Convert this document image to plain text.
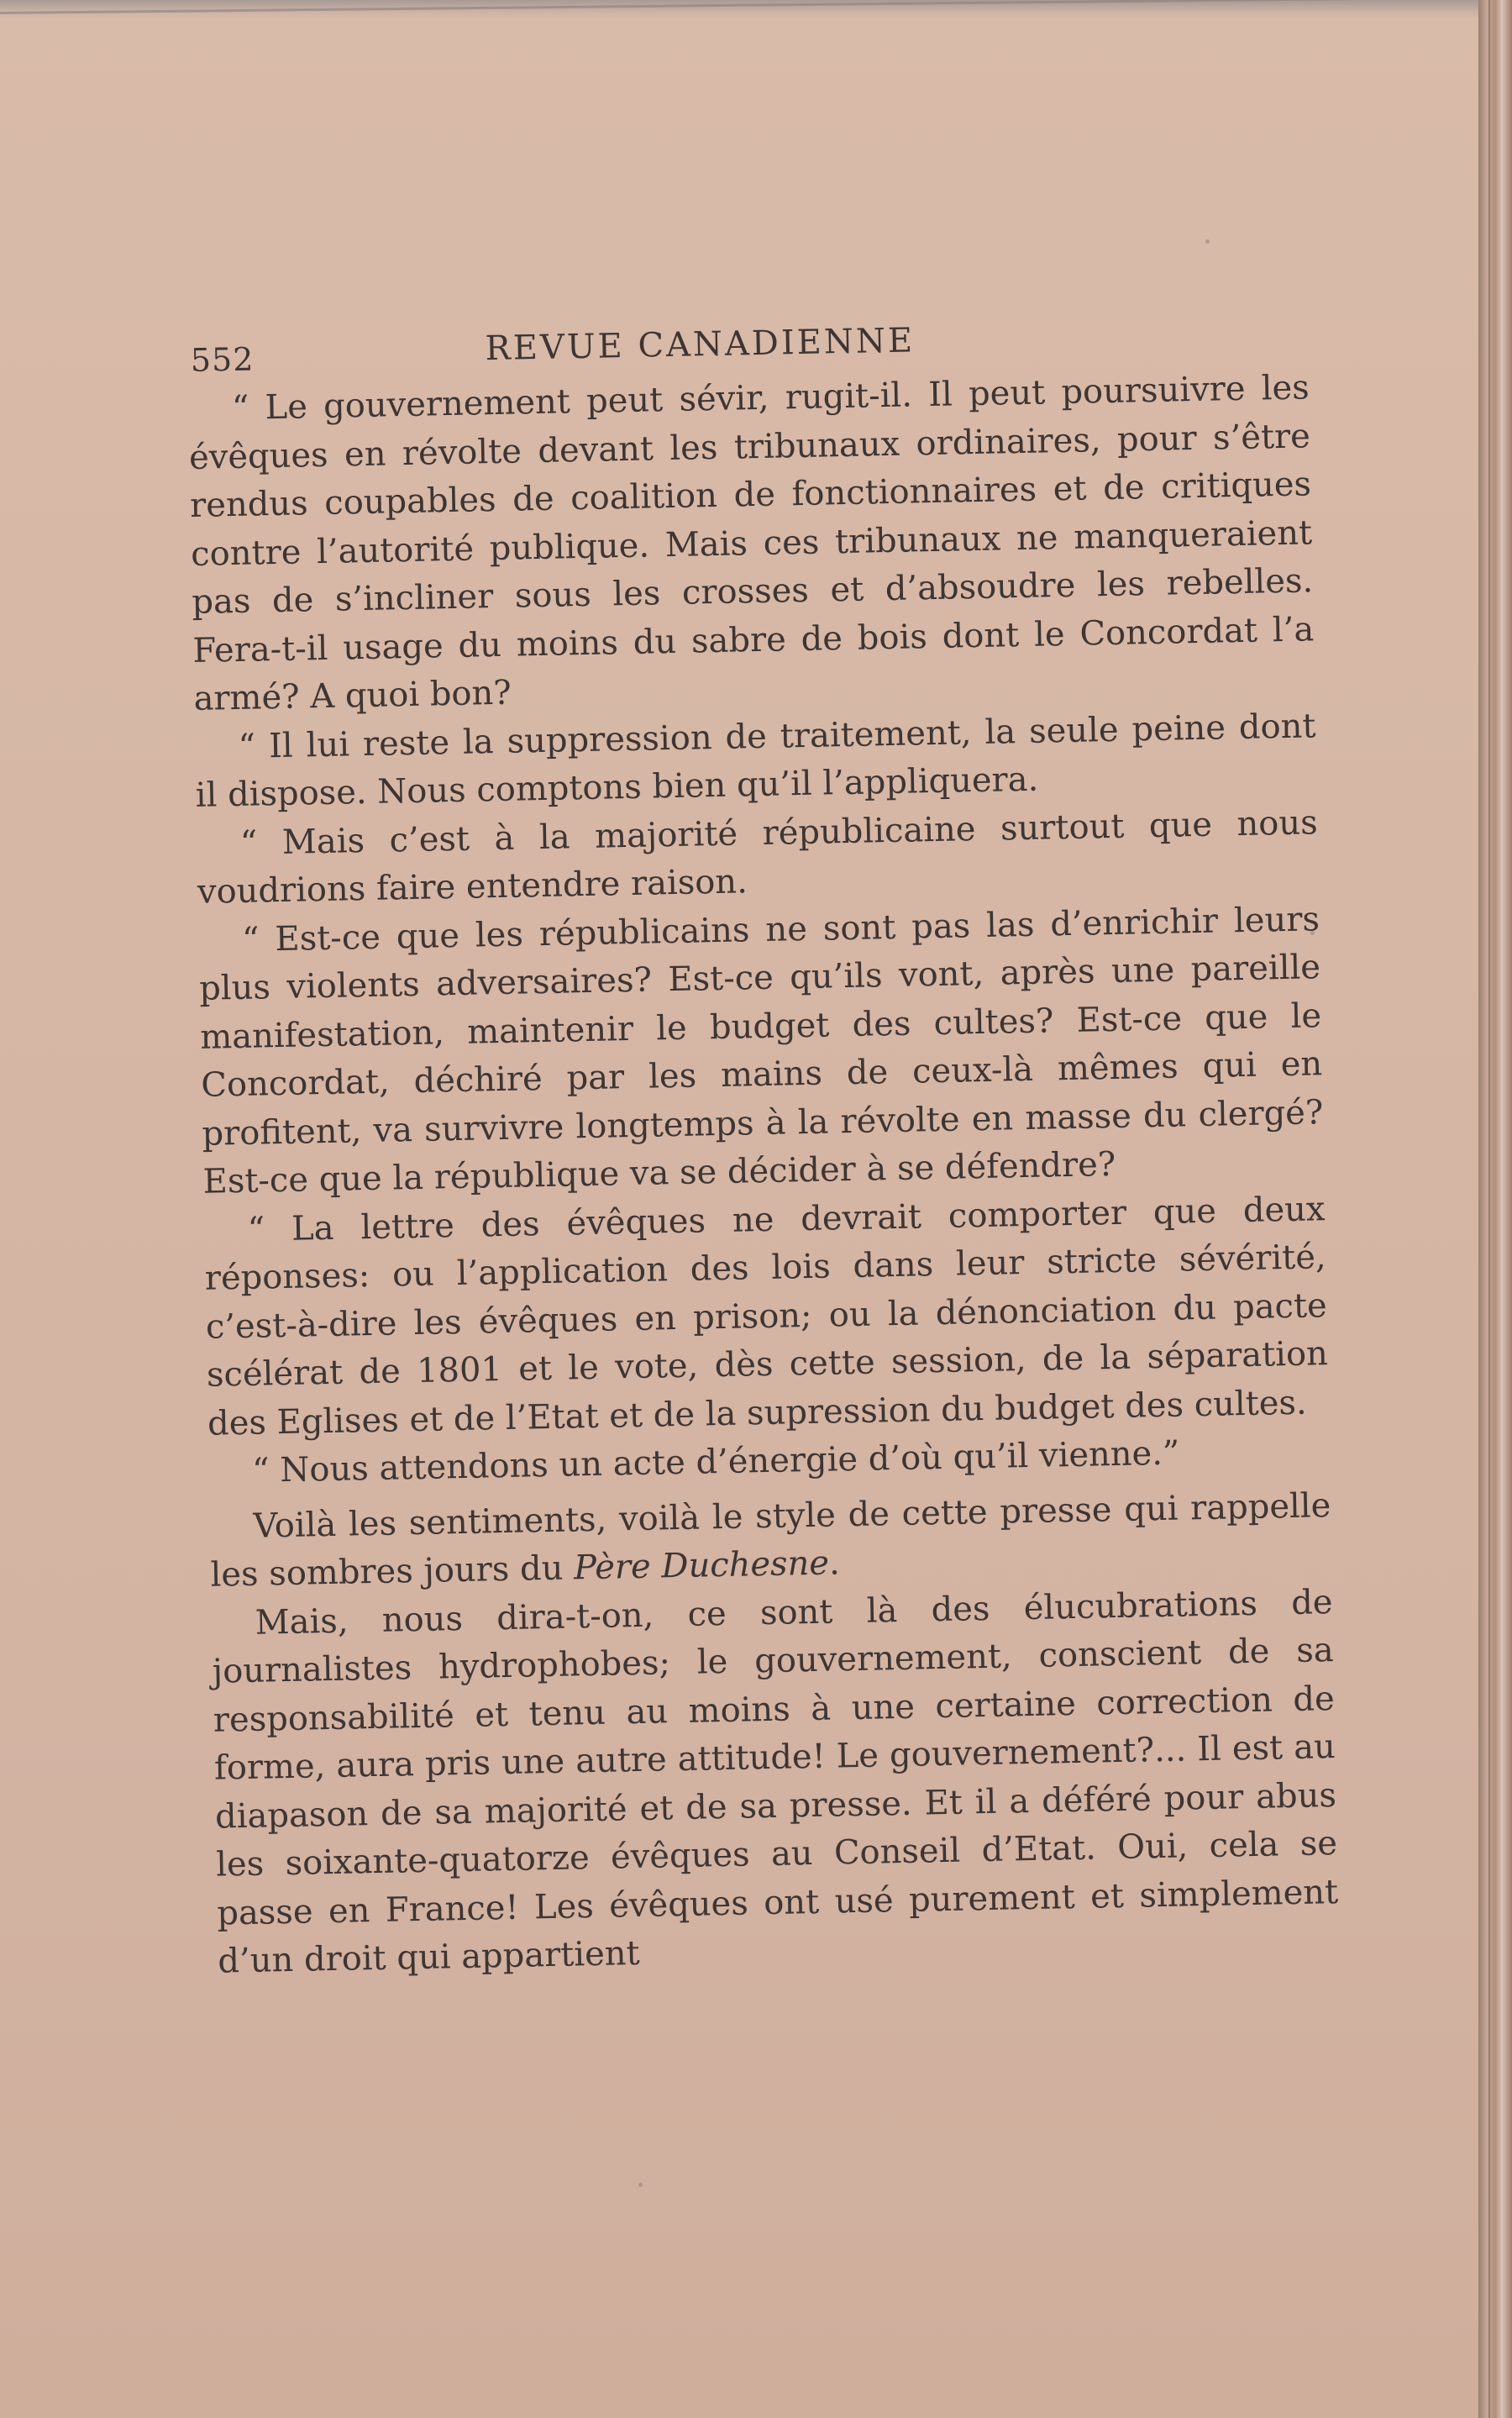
552	REVUE CANADIENNE

“ Le gouvernement peut sévir, rugit-il. Il peut poursuivre les évêques en révolte devant les tribunaux ordinaires, pour s’être rendus coupables de coalition de fonctionnaires et de critiques contre l’autorité publique. Mais ces tribunaux ne manqueraient pas de s’incliner sous les crosses et d’absoudre les rebelles. Fera-t-il usage du moins du sabre de bois dont le Concordat l’a armé? A quoi bon?

“ Il lui reste la suppression de traitement, la seule peine dont il dispose. Nous comptons bien qu’il l’appliquera.

“ Mais c’est à la majorité républicaine surtout que nous voudrions faire entendre raison.

“ Est-ce que les républicains ne sont pas las d’enrichir leurs plus violents adversaires? Est-ce qu’ils vont, après une pareille manifestation, maintenir le budget des cultes? Est-ce que le Concordat, déchiré par les mains de ceux-là mêmes qui en profitent, va survivre longtemps à la révolte en masse du clergé? Est-ce que la république va se décider à se défendre?

“ La lettre des évêques ne devrait comporter que deux réponses: ou l’application des lois dans leur stricte sévérité, c’est-à-dire les évêques en prison; ou la dénonciation du pacte scélérat de 1801 et le vote, dès cette session, de la séparation des Eglises et de l’Etat et de la supression du budget des cultes.

“ Nous attendons un acte d’énergie d’où qu’il vienne.”

Voilà les sentiments, voilà le style de cette presse qui rappelle les sombres jours du Père Duchesne.

Mais, nous dira-t-on, ce sont là des élucubrations de journalistes hydrophobes; le gouvernement, conscient de sa responsabilité et tenu au moins à une certaine correction de forme, aura pris une autre attitude! Le gouvernement?... Il est au diapason de sa majorité et de sa presse. Et il a déféré pour abus les soixante-quatorze évêques au Conseil d’Etat. Oui, cela se passe en France! Les évêques ont usé purement et simplement d’un droit qui appartient
